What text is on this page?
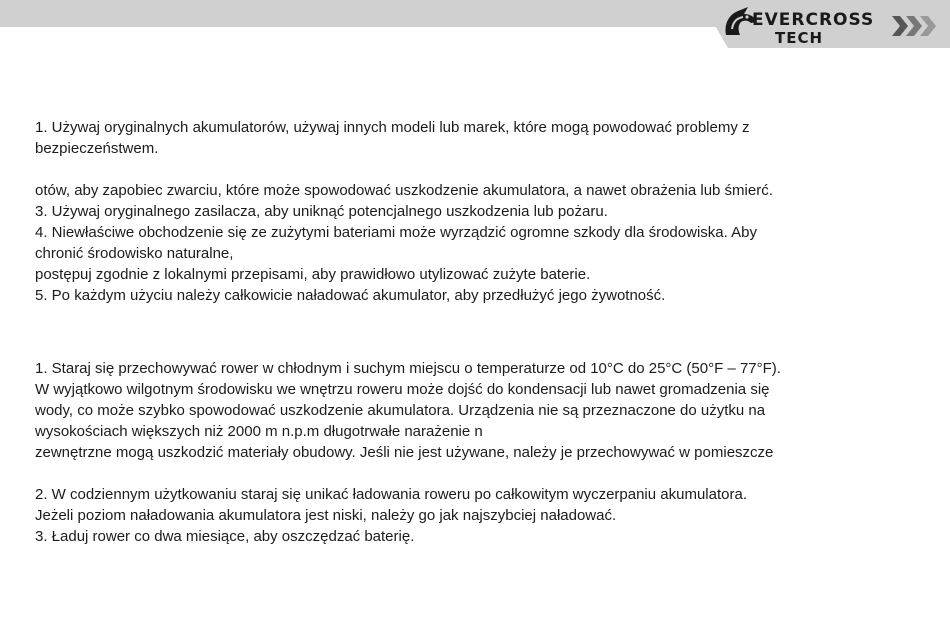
EVERCROSS
TECH

1. Używaj oryginalnych akumulatorów, używaj innych modeli lub marek, które mogą powodować problemy z

bezpieczeństwem.

otów, aby zapobiec zwarciu, które może spowodować uszkodzenie akumulatora, a nawet obrażenia lub śmierć.

3. Używaj oryginalnego zasilacza, aby uniknąć potencjalnego uszkodzenia lub pożaru.

4. Niewłaściwe obchodzenie się ze zużytymi bateriami może wyrządzić ogromne szkody dla środowiska. Aby

chronić środowisko naturalne,

postępuj zgodnie z lokalnymi przepisami, aby prawidłowo utylizować zużyte baterie.

5. Po każdym użyciu należy całkowicie naładować akumulator, aby przedłużyć jego żywotność.

1. Staraj się przechowywać rower w chłodnym i suchym miejscu o temperaturze od 10°C do 25°C (50°F – 77°F).

W wyjątkowo wilgotnym środowisku we wnętrzu roweru może dojść do kondensacji lub nawet gromadzenia się

wody, co może szybko spowodować uszkodzenie akumulatora. Urządzenia nie są przeznaczone do użytku na

wysokościach większych niż 2000 m n.p.m długotrwałe narażenie n

zewnętrzne mogą uszkodzić materiały obudowy. Jeśli nie jest używane, należy je przechowywać w pomieszcze

2. W codziennym użytkowaniu staraj się unikać ładowania roweru po całkowitym wyczerpaniu akumulatora.

Jeżeli poziom naładowania akumulatora jest niski, należy go jak najszybciej naładować.

3. Ładuj rower co dwa miesiące, aby oszczędzać baterię.
